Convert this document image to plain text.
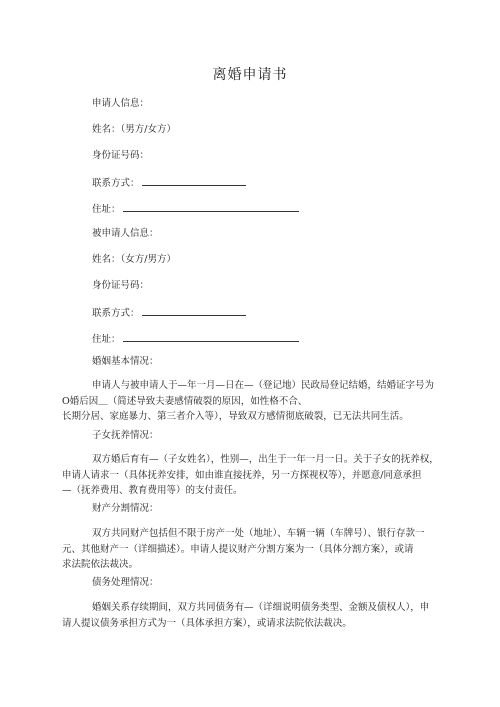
离婚申请书
申请人信息：
姓名：（男方/女方）
身份证号码：
联系方式：
住址：
被申请人信息：
姓名：（女方/男方）
身份证号码：
联系方式：
住址：
婚姻基本情况：
申请人与被申请人于—年一月—日在—（登记地）民政局登记结婚，结婚证字号为
O婚后因＿（简述导致夫妻感情破裂的原因，如性格不合、
长期分居、家庭暴力、第三者介入等），导致双方感情彻底破裂，已无法共同生活。
子女抚养情况：
双方婚后育有—（子女姓名），性别—，出生于一年一月一日。关于子女的抚养权，
申请人请求一（具体抚养安排，如由谁直接抚养，另一方探视权等），并愿意/同意承担
—（抚养费用、教育费用等）的支付责任。
财产分割情况：
双方共同财产包括但不限于房产一处（地址）、车辆一辆（车牌号）、银行存款一
元、其他财产一（详细描述）。申请人提议财产分割方案为一（具体分割方案），或请
求法院依法裁决。
债务处理情况：
婚姻关系存续期间，双方共同债务有—（详细说明债务类型、金额及债权人），申
请人提议债务承担方式为一（具体承担方案），或请求法院依法裁决。
